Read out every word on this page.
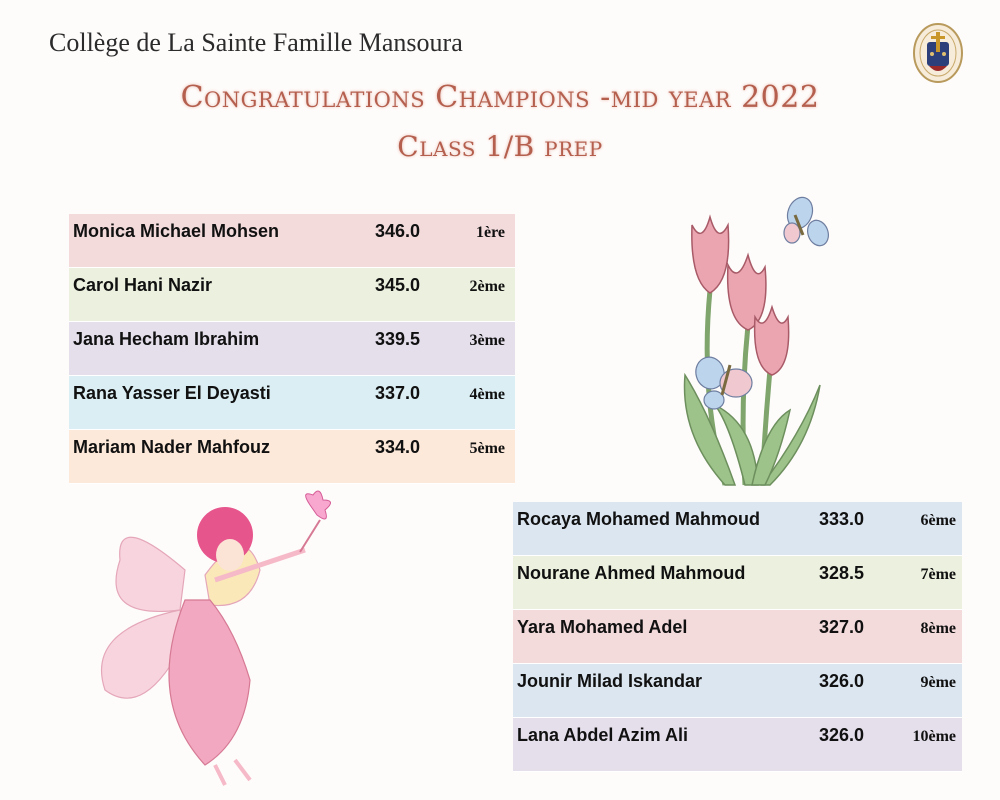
Collège de La Sainte Famille Mansoura
Congratulations Champions -mid year 2022
Class 1/B prep
Monica Michael Mohsen	346.0	1ère
Carol Hani Nazir	345.0	2ème
Jana Hecham Ibrahim	339.5	3ème
Rana Yasser El Deyasti	337.0	4ème
Mariam Nader Mahfouz	334.0	5ème
Rocaya Mohamed Mahmoud	333.0	6ème
Nourane Ahmed Mahmoud	328.5	7ème
Yara Mohamed Adel	327.0	8ème
Jounir Milad Iskandar	326.0	9ème
Lana Abdel Azim Ali	326.0	10ème
